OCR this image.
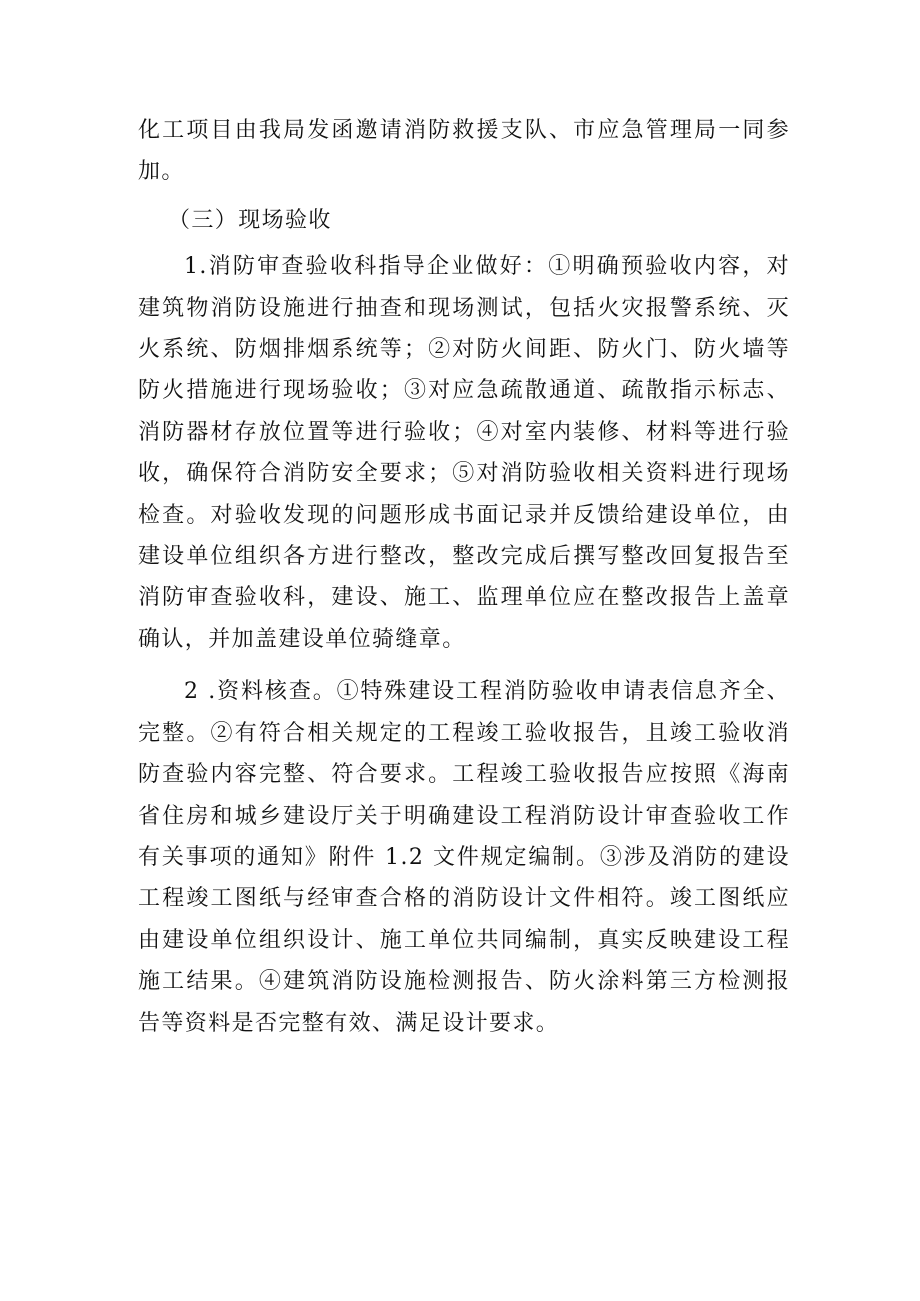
化工项目由我局发函邀请消防救援支队、市应急管理局一同参加。

（三）现场验收

1.消防审查验收科指导企业做好：①明确预验收内容，对建筑物消防设施进行抽查和现场测试，包括火灾报警系统、灭火系统、防烟排烟系统等；②对防火间距、防火门、防火墙等防火措施进行现场验收；③对应急疏散通道、疏散指示标志、消防器材存放位置等进行验收；④对室内装修、材料等进行验收，确保符合消防安全要求；⑤对消防验收相关资料进行现场检查。对验收发现的问题形成书面记录并反馈给建设单位，由建设单位组织各方进行整改，整改完成后撰写整改回复报告至消防审查验收科，建设、施工、监理单位应在整改报告上盖章确认，并加盖建设单位骑缝章。

2 .资料核查。①特殊建设工程消防验收申请表信息齐全、完整。②有符合相关规定的工程竣工验收报告，且竣工验收消防查验内容完整、符合要求。工程竣工验收报告应按照《海南省住房和城乡建设厅关于明确建设工程消防设计审查验收工作有关事项的通知》附件 1.2 文件规定编制。③涉及消防的建设工程竣工图纸与经审查合格的消防设计文件相符。竣工图纸应由建设单位组织设计、施工单位共同编制，真实反映建设工程施工结果。④建筑消防设施检测报告、防火涂料第三方检测报告等资料是否完整有效、满足设计要求。
